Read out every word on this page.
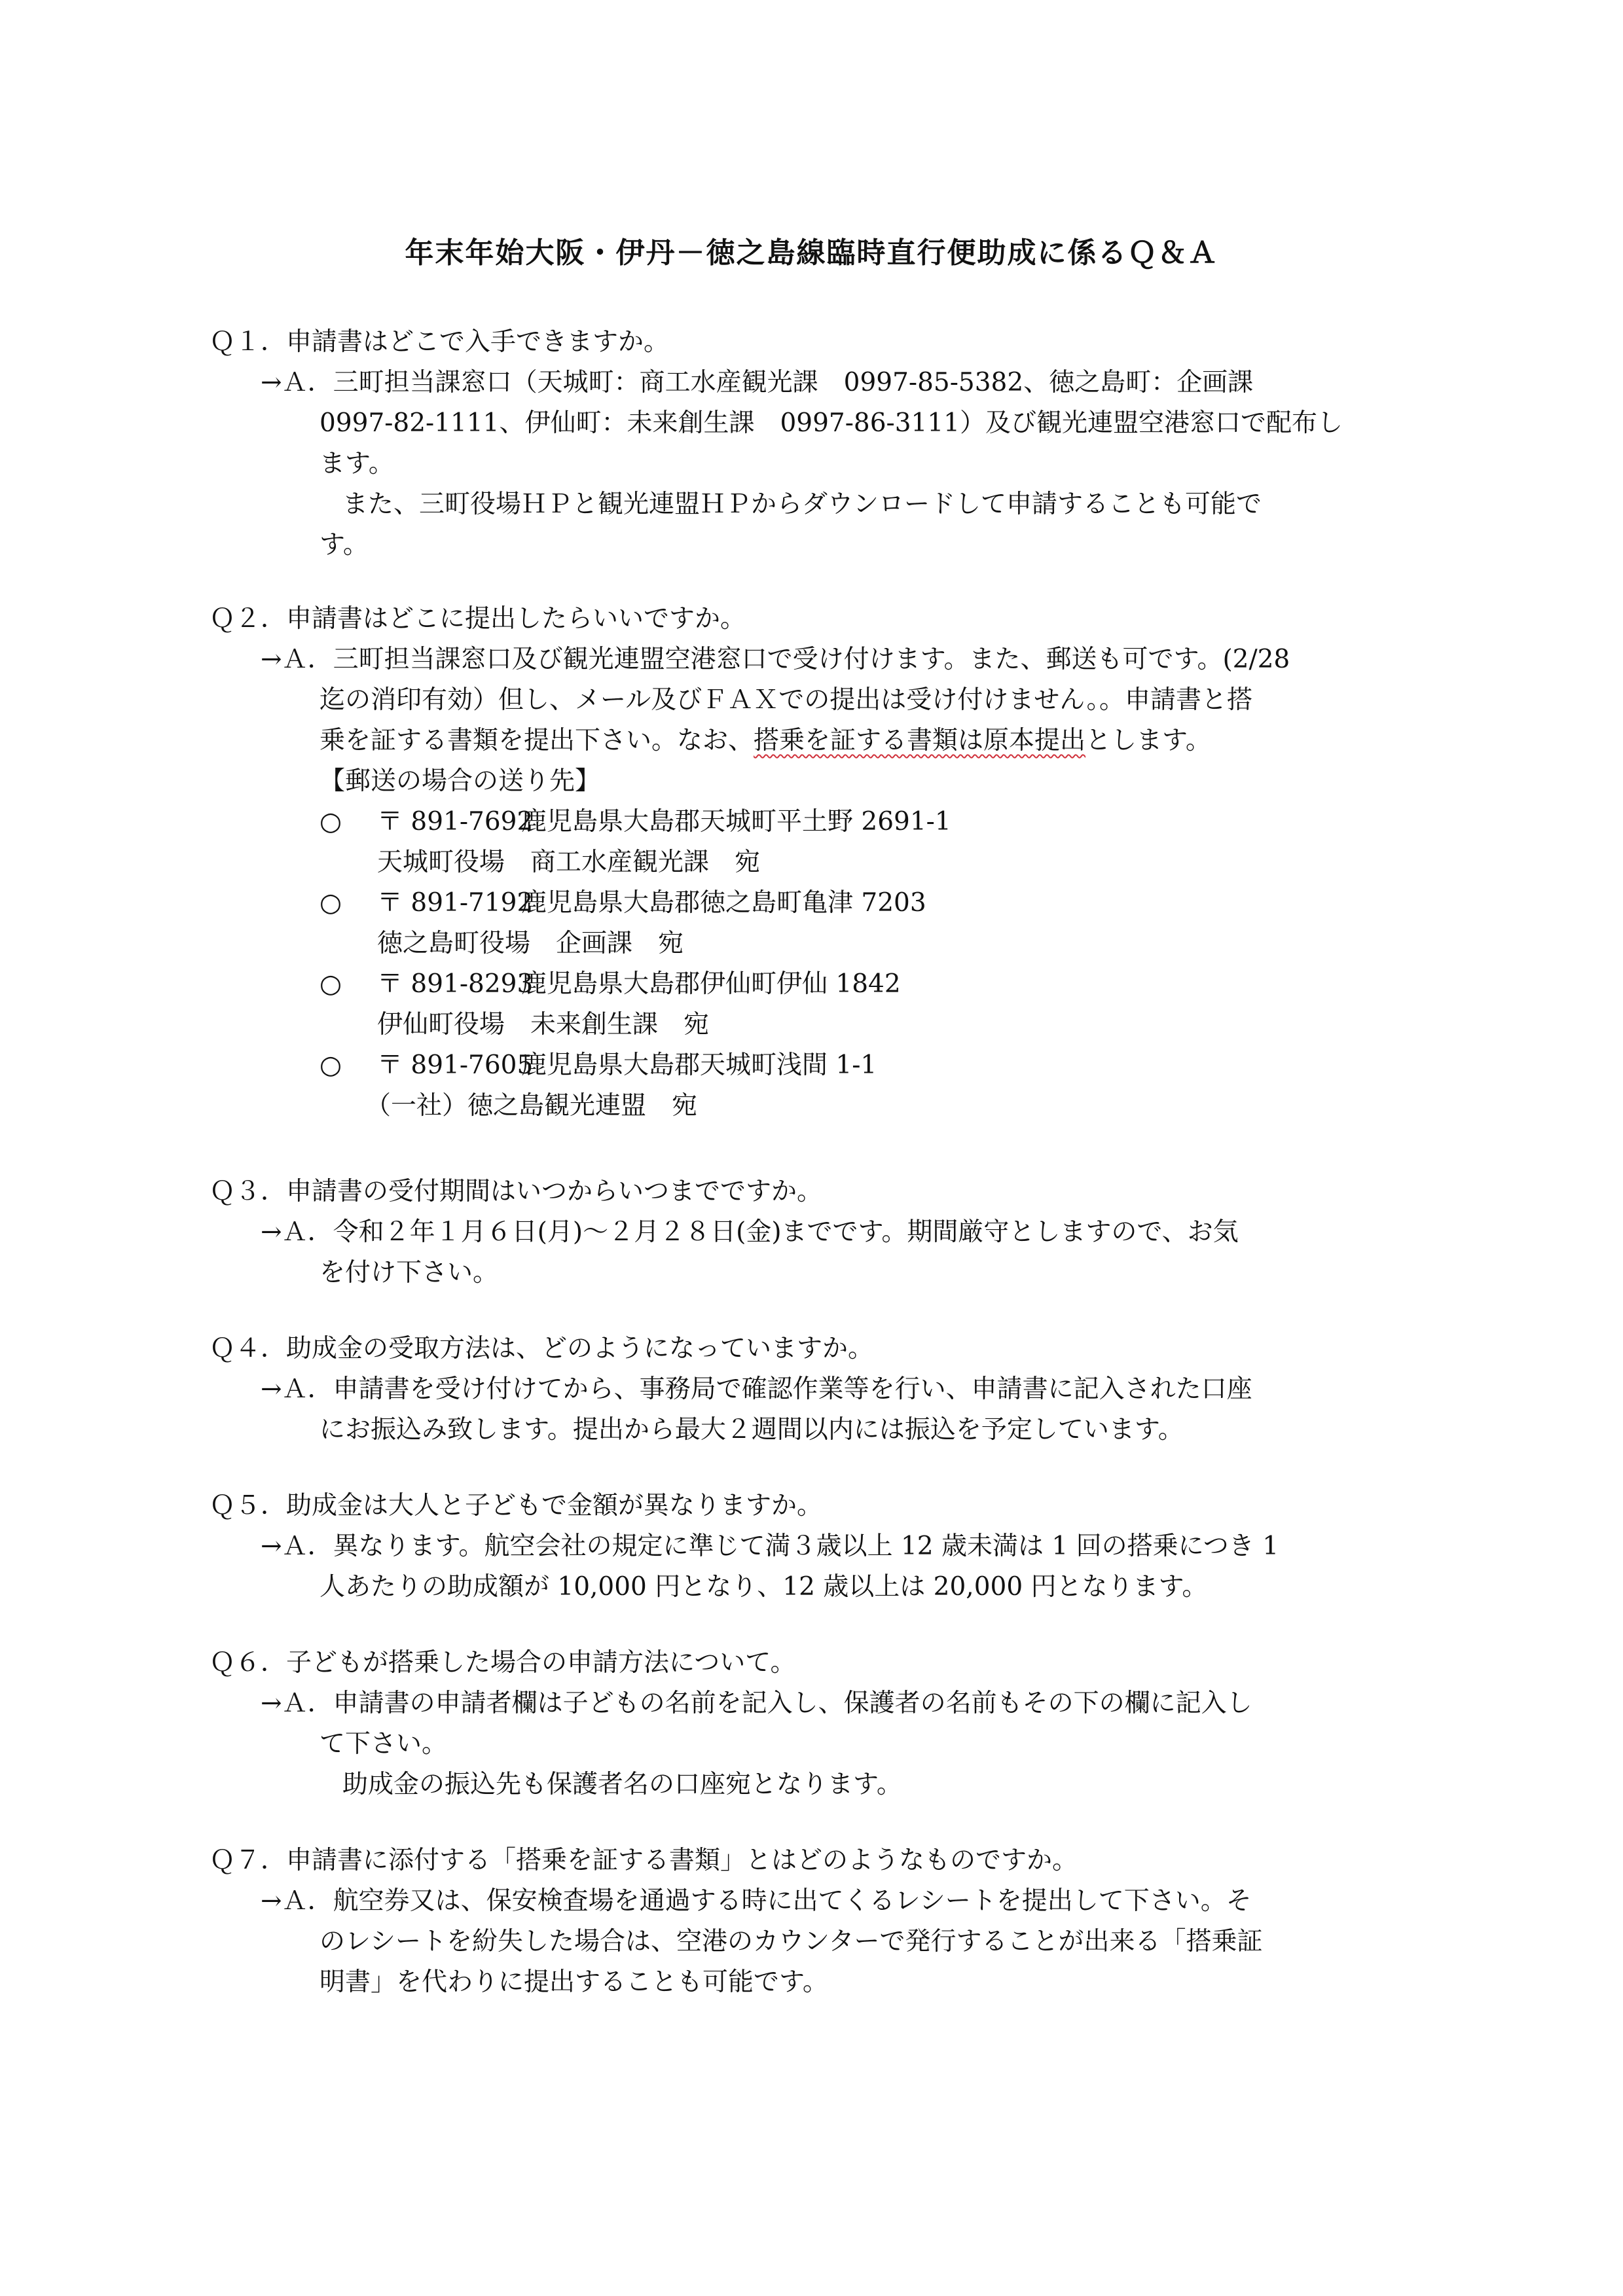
年末年始大阪・伊丹－徳之島線臨時直行便助成に係るＱ＆Ａ
Ｑ１．申請書はどこで入手できますか。
→Ａ．三町担当課窓口（天城町：商工水産観光課　0997-85-5382、徳之島町：企画課
0997-82-1111、伊仙町：未来創生課　0997-86-3111）及び観光連盟空港窓口で配布し
ます。
また、三町役場ＨＰと観光連盟ＨＰからダウンロードして申請することも可能で
す。
Ｑ２．申請書はどこに提出したらいいですか。
→Ａ．三町担当課窓口及び観光連盟空港窓口で受け付けます。また、郵送も可です。(2/28
迄の消印有効）但し、メール及びＦＡＸでの提出は受け付けません。。申請書と搭
乗を証する書類を提出下さい。なお、搭乗を証する書類は原本提出とします。
【郵送の場合の送り先】
○ 〒 891-7692鹿児島県大島郡天城町平土野 2691-1
天城町役場　商工水産観光課　宛
○ 〒 891-7192鹿児島県大島郡徳之島町亀津 7203
徳之島町役場　企画課　宛
○ 〒 891-8293鹿児島県大島郡伊仙町伊仙 1842
伊仙町役場　未来創生課　宛
○ 〒 891-7605鹿児島県大島郡天城町浅間 1-1
（一社）徳之島観光連盟　宛
Ｑ３．申請書の受付期間はいつからいつまでですか。
→Ａ．令和２年１月６日(月)～２月２８日(金)までです。期間厳守としますので、お気
を付け下さい。
Ｑ４．助成金の受取方法は、どのようになっていますか。
→Ａ．申請書を受け付けてから、事務局で確認作業等を行い、申請書に記入された口座
にお振込み致します。提出から最大２週間以内には振込を予定しています。
Ｑ５．助成金は大人と子どもで金額が異なりますか。
→Ａ．異なります。航空会社の規定に準じて満３歳以上 12 歳未満は 1 回の搭乗につき 1
人あたりの助成額が 10,000 円となり、12 歳以上は 20,000 円となります。
Ｑ６．子どもが搭乗した場合の申請方法について。
→Ａ．申請書の申請者欄は子どもの名前を記入し、保護者の名前もその下の欄に記入し
て下さい。
助成金の振込先も保護者名の口座宛となります。
Ｑ７．申請書に添付する「搭乗を証する書類」とはどのようなものですか。
→Ａ．航空券又は、保安検査場を通過する時に出てくるレシートを提出して下さい。そ
のレシートを紛失した場合は、空港のカウンターで発行することが出来る「搭乗証
明書」を代わりに提出することも可能です。
